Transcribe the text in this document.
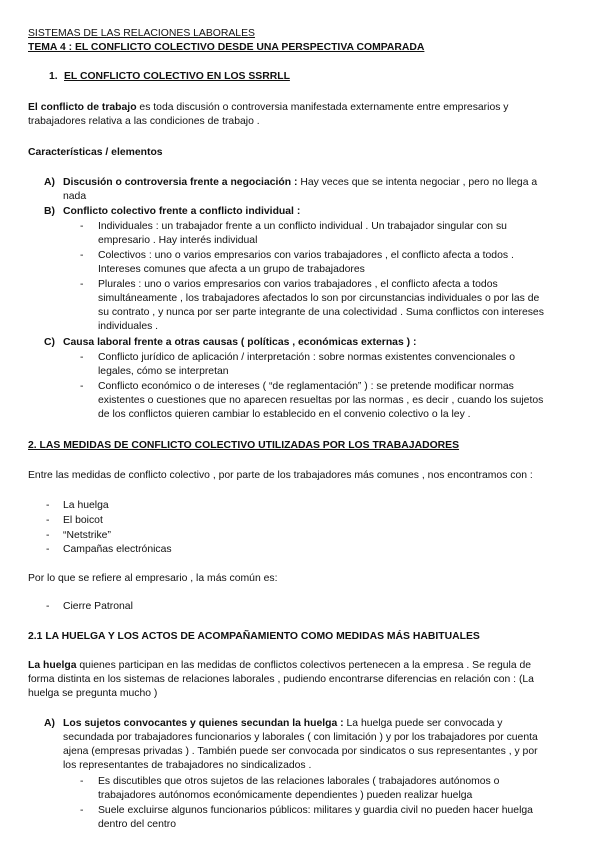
SISTEMAS DE LAS RELACIONES LABORALES
TEMA 4 : EL CONFLICTO COLECTIVO DESDE UNA PERSPECTIVA COMPARADA
1. EL CONFLICTO COLECTIVO EN LOS SSRRLL
El conflicto de trabajo es toda discusión o controversia manifestada externamente entre empresarios y
trabajadores relativa a las condiciones de trabajo .
Características / elementos
A) Discusión o controversia frente a negociación : Hay veces que se intenta negociar , pero no llega a
nada
B) Conflicto colectivo frente a conflicto individual :
- Individuales : un trabajador frente a un conflicto individual . Un trabajador singular con su
empresario . Hay interés individual
- Colectivos : uno o varios empresarios con varios trabajadores , el conflicto afecta a todos .
Intereses comunes que afecta a un grupo de trabajadores
- Plurales : uno o varios empresarios con varios trabajadores , el conflicto afecta a todos
simultáneamente , los trabajadores afectados lo son por circunstancias individuales o por las de
su contrato , y nunca por ser parte integrante de una colectividad . Suma conflictos con intereses
individuales .
C) Causa laboral frente a otras causas ( políticas , económicas externas ) :
- Conflicto jurídico de aplicación / interpretación : sobre normas existentes convencionales o
legales, cómo se interpretan
- Conflicto económico o de intereses ( “de reglamentación” ) : se pretende modificar normas
existentes o cuestiones que no aparecen resueltas por las normas , es decir , cuando los sujetos
de los conflictos quieren cambiar lo establecido en el convenio colectivo o la ley .
2. LAS MEDIDAS DE CONFLICTO COLECTIVO UTILIZADAS POR LOS TRABAJADORES
Entre las medidas de conflicto colectivo , por parte de los trabajadores más comunes , nos encontramos con :
- La huelga
- El boicot
- “Netstrike”
- Campañas electrónicas
Por lo que se refiere al empresario , la más común es:
- Cierre Patronal
2.1 LA HUELGA Y LOS ACTOS DE ACOMPAÑAMIENTO COMO MEDIDAS MÁS HABITUALES
La huelga quienes participan en las medidas de conflictos colectivos pertenecen a la empresa . Se regula de
forma distinta en los sistemas de relaciones laborales , pudiendo encontrarse diferencias en relación con : (La
huelga se pregunta mucho )
A) Los sujetos convocantes y quienes secundan la huelga : La huelga puede ser convocada y
secundada por trabajadores funcionarios y laborales ( con limitación ) y por los trabajadores por cuenta
ajena (empresas privadas ) . También puede ser convocada por sindicatos o sus representantes , y por
los representantes de trabajadores no sindicalizados .
- Es discutibles que otros sujetos de las relaciones laborales ( trabajadores autónomos o
trabajadores autónomos económicamente dependientes ) pueden realizar huelga
- Suele excluirse algunos funcionarios públicos: militares y guardia civil no pueden hacer huelga
dentro del centro
